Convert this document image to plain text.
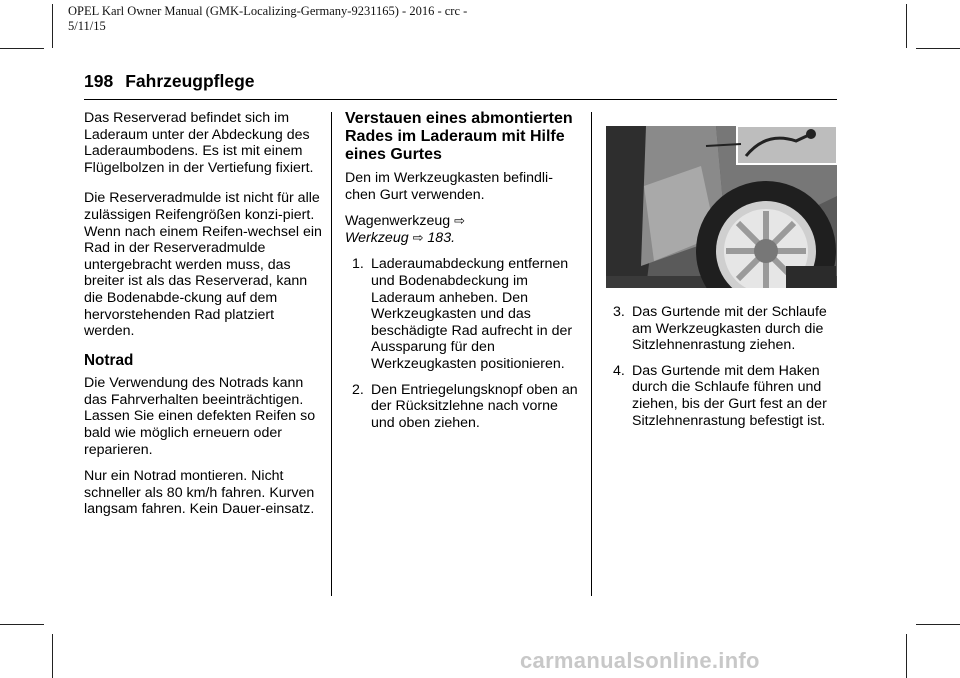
OPEL Karl Owner Manual (GMK-Localizing-Germany-9231165) - 2016 - crc -
5/11/15
198 Fahrzeugpflege

Das Reserverad befindet sich im Laderaum unter der Abdeckung des Laderaumbodens. Es ist mit einem Flügelbolzen in der Vertiefung fixiert.

Die Reserveradmulde ist nicht für alle zulässigen Reifengrößen konzi-piert. Wenn nach einem Reifen-wechsel ein Rad in der Reserveradmulde untergebracht werden muss, das breiter ist als das Reserverad, kann die Bodenabde-ckung auf dem hervorstehenden Rad platziert werden.

Notrad

Die Verwendung des Notrads kann das Fahrverhalten beeinträchtigen. Lassen Sie einen defekten Reifen so bald wie möglich erneuern oder reparieren.

Nur ein Notrad montieren. Nicht schneller als 80 km/h fahren. Kurven langsam fahren. Kein Dauer-einsatz.

Verstauen eines abmontierten Rades im Laderaum mit Hilfe eines Gurtes

Den im Werkzeugkasten befindli-chen Gurt verwenden.

Wagenwerkzeug ⇨
Werkzeug ⇨ 183.
1. Laderaumabdeckung entfernen und Bodenabdeckung im Laderaum anheben. Den Werkzeugkasten und das beschädigte Rad aufrecht in der Aussparung für den Werkzeugkasten positionieren.
2. Den Entriegelungsknopf oben an der Rücksitzlehne nach vorne und oben ziehen.
3. Das Gurtende mit der Schlaufe am Werkzeugkasten durch die Sitzlehnenrastung ziehen.
4. Das Gurtende mit dem Haken durch die Schlaufe führen und ziehen, bis der Gurt fest an der Sitzlehnenrastung befestigt ist.
carmanualsonline.info
